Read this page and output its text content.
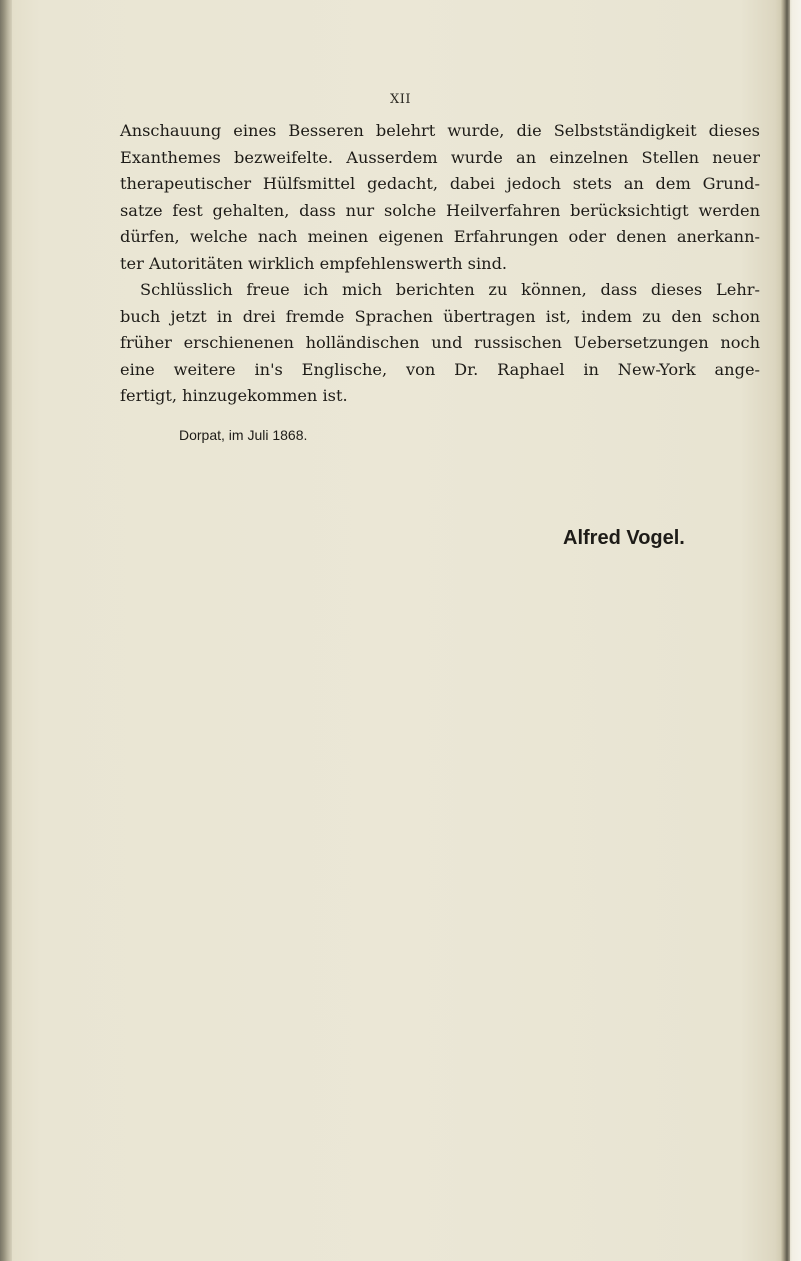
XII
Anschauung eines Besseren belehrt wurde, die Selbstständigkeit dieses
Exanthemes bezweifelte. Ausserdem wurde an einzelnen Stellen neuer
therapeutischer Hülfsmittel gedacht, dabei jedoch stets an dem Grund-
satze fest gehalten, dass nur solche Heilverfahren berücksichtigt werden
dürfen, welche nach meinen eigenen Erfahrungen oder denen anerkann-
ter Autoritäten wirklich empfehlenswerth sind.
Schlüsslich freue ich mich berichten zu können, dass dieses Lehr-
buch jetzt in drei fremde Sprachen übertragen ist, indem zu den schon
früher erschienenen holländischen und russischen Uebersetzungen noch
eine weitere in's Englische, von Dr. Raphael in New-York ange-
fertigt, hinzugekommen ist.
Dorpat, im Juli 1868.
Alfred Vogel.
